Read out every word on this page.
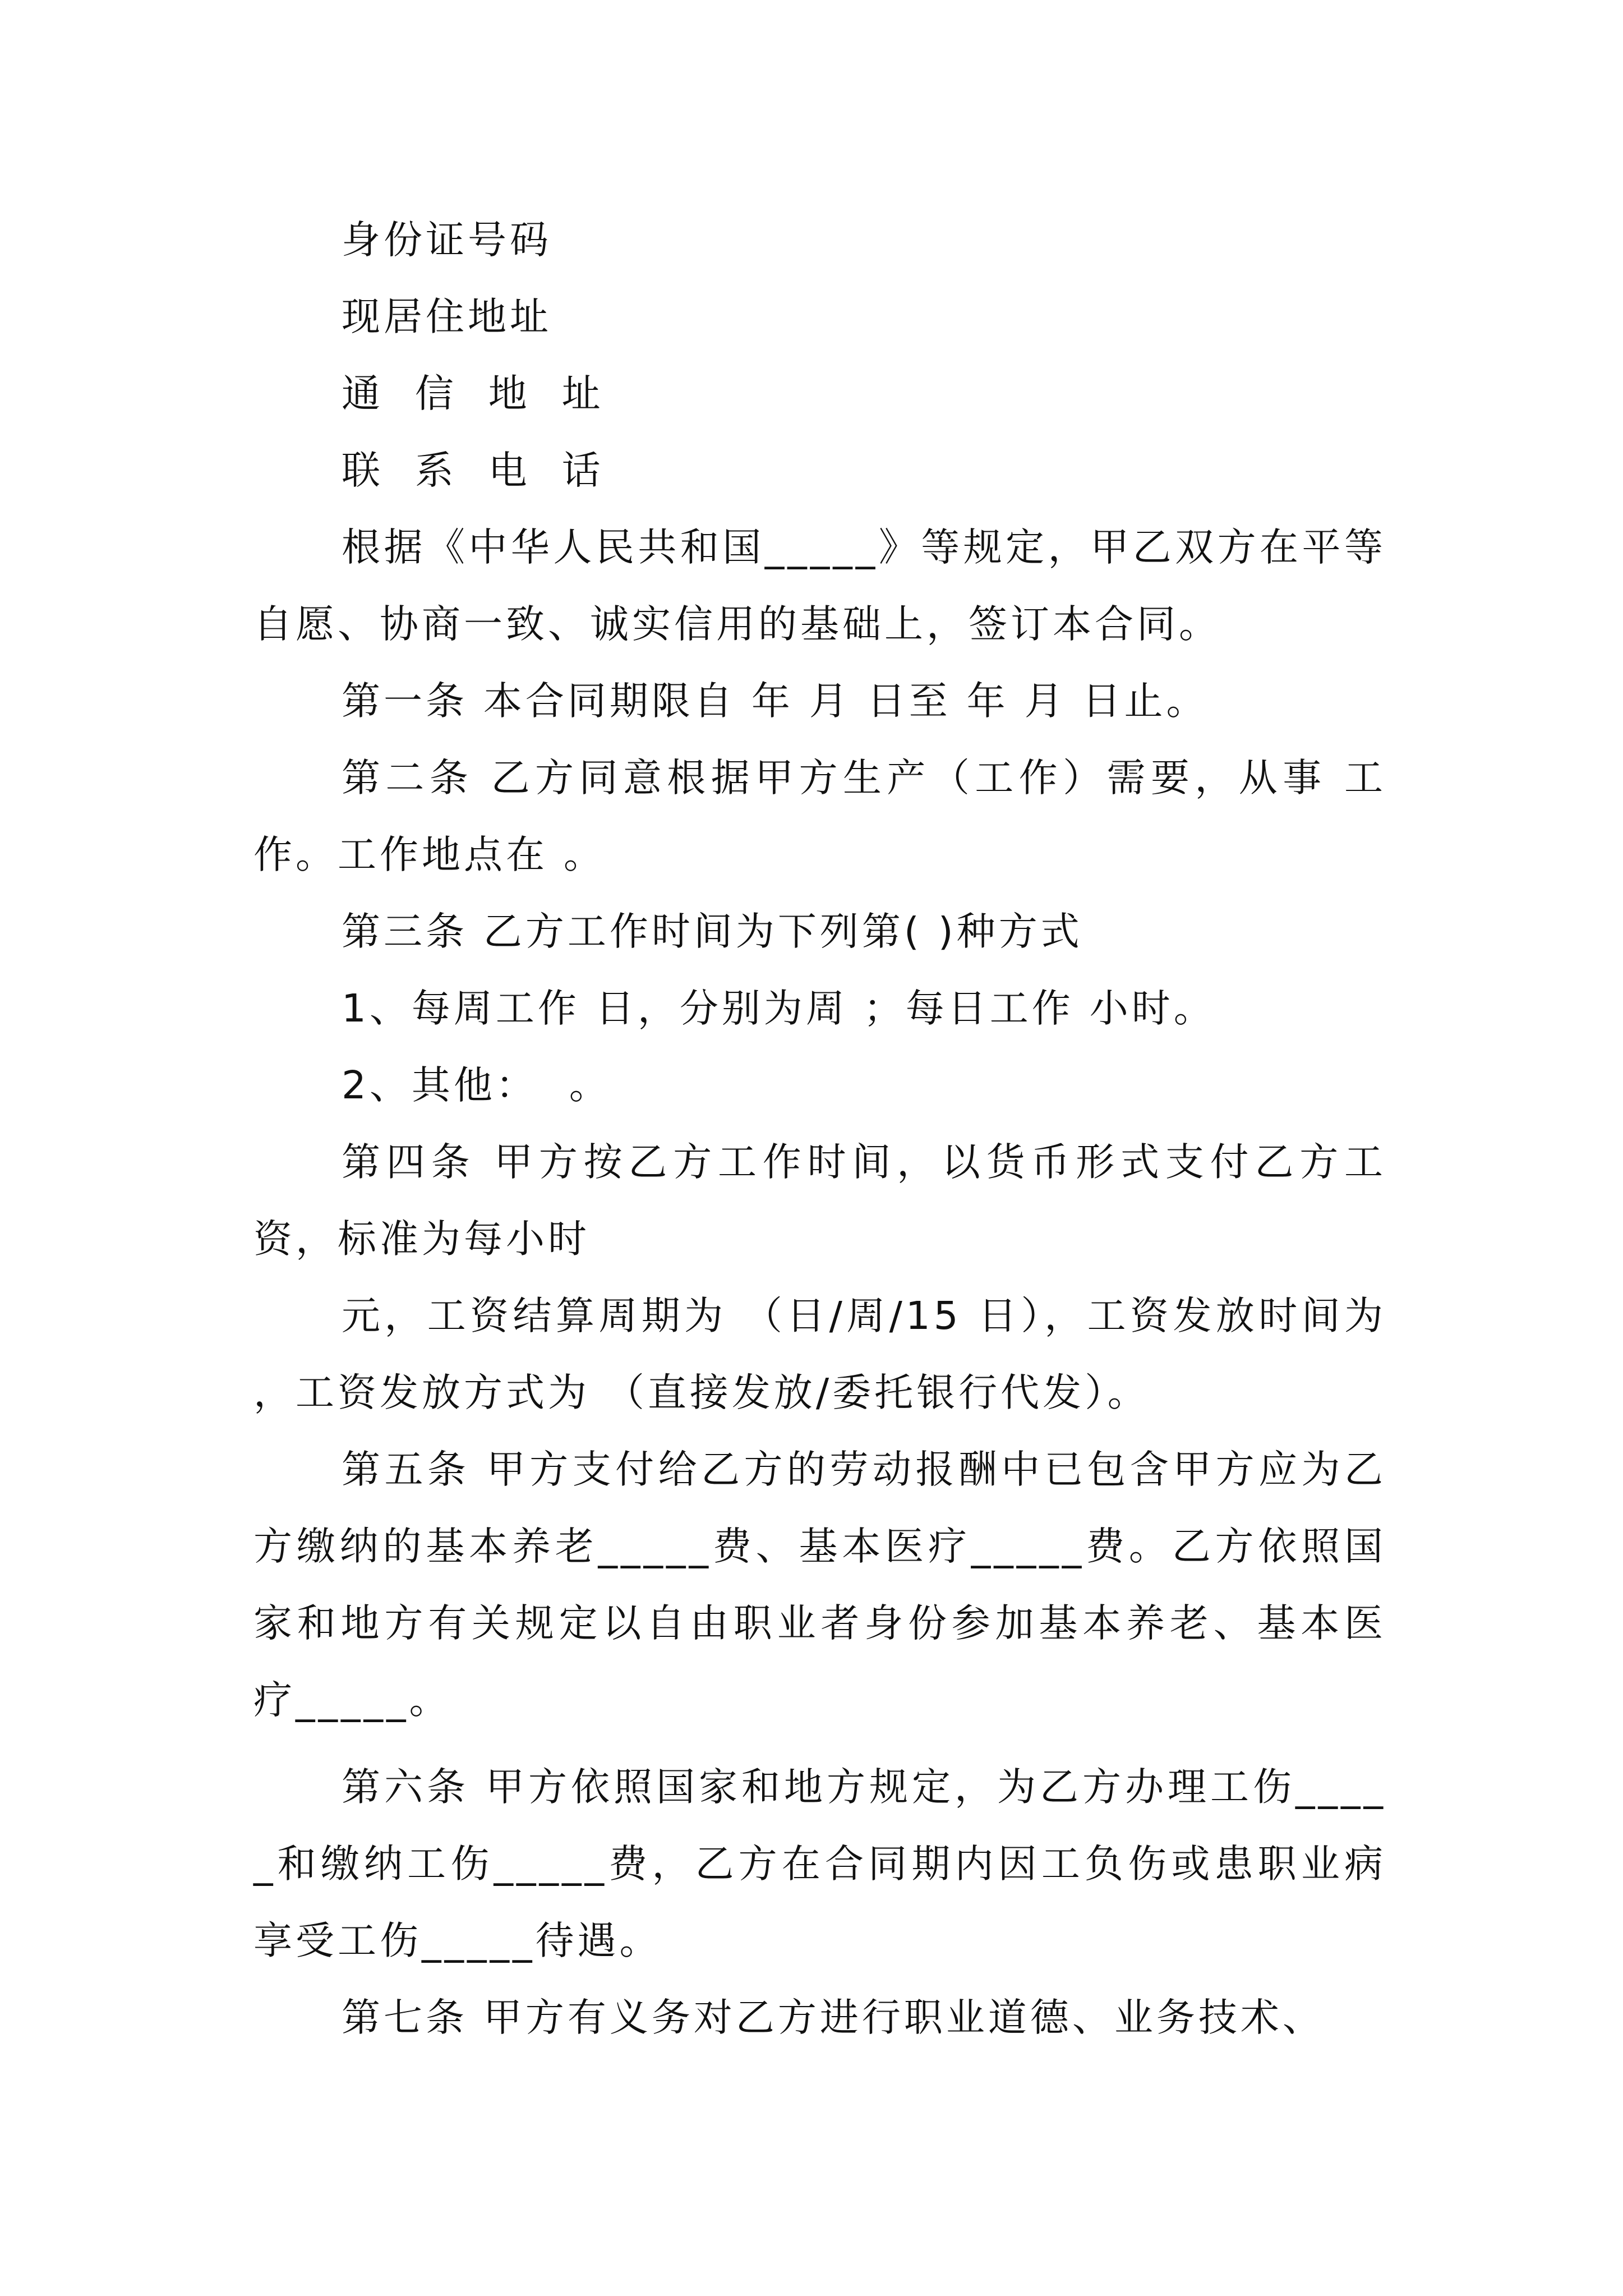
身份证号码

现居住地址

通  信  地  址

联  系  电  话

根据《中华人民共和国_____》等规定，甲乙双方在平等自愿、协商一致、诚实信用的基础上，签订本合同。

第一条 本合同期限自 年 月 日至 年 月 日止。

第二条 乙方同意根据甲方生产（工作）需要，从事 工作。工作地点在 。

第三条 乙方工作时间为下列第( )种方式

1、每周工作 日，分别为周 ；每日工作 小时。

2、其他：  。

第四条 甲方按乙方工作时间，以货币形式支付乙方工资，标准为每小时

元，工资结算周期为 （日/周/15 日），工资发放时间为 ，工资发放方式为 （直接发放/委托银行代发）。

第五条 甲方支付给乙方的劳动报酬中已包含甲方应为乙方缴纳的基本养老_____费、基本医疗_____费。乙方依照国家和地方有关规定以自由职业者身份参加基本养老、基本医疗_____。

第六条 甲方依照国家和地方规定，为乙方办理工伤_____和缴纳工伤_____费，乙方在合同期内因工负伤或患职业病享受工伤_____待遇。

第七条 甲方有义务对乙方进行职业道德、业务技术、
